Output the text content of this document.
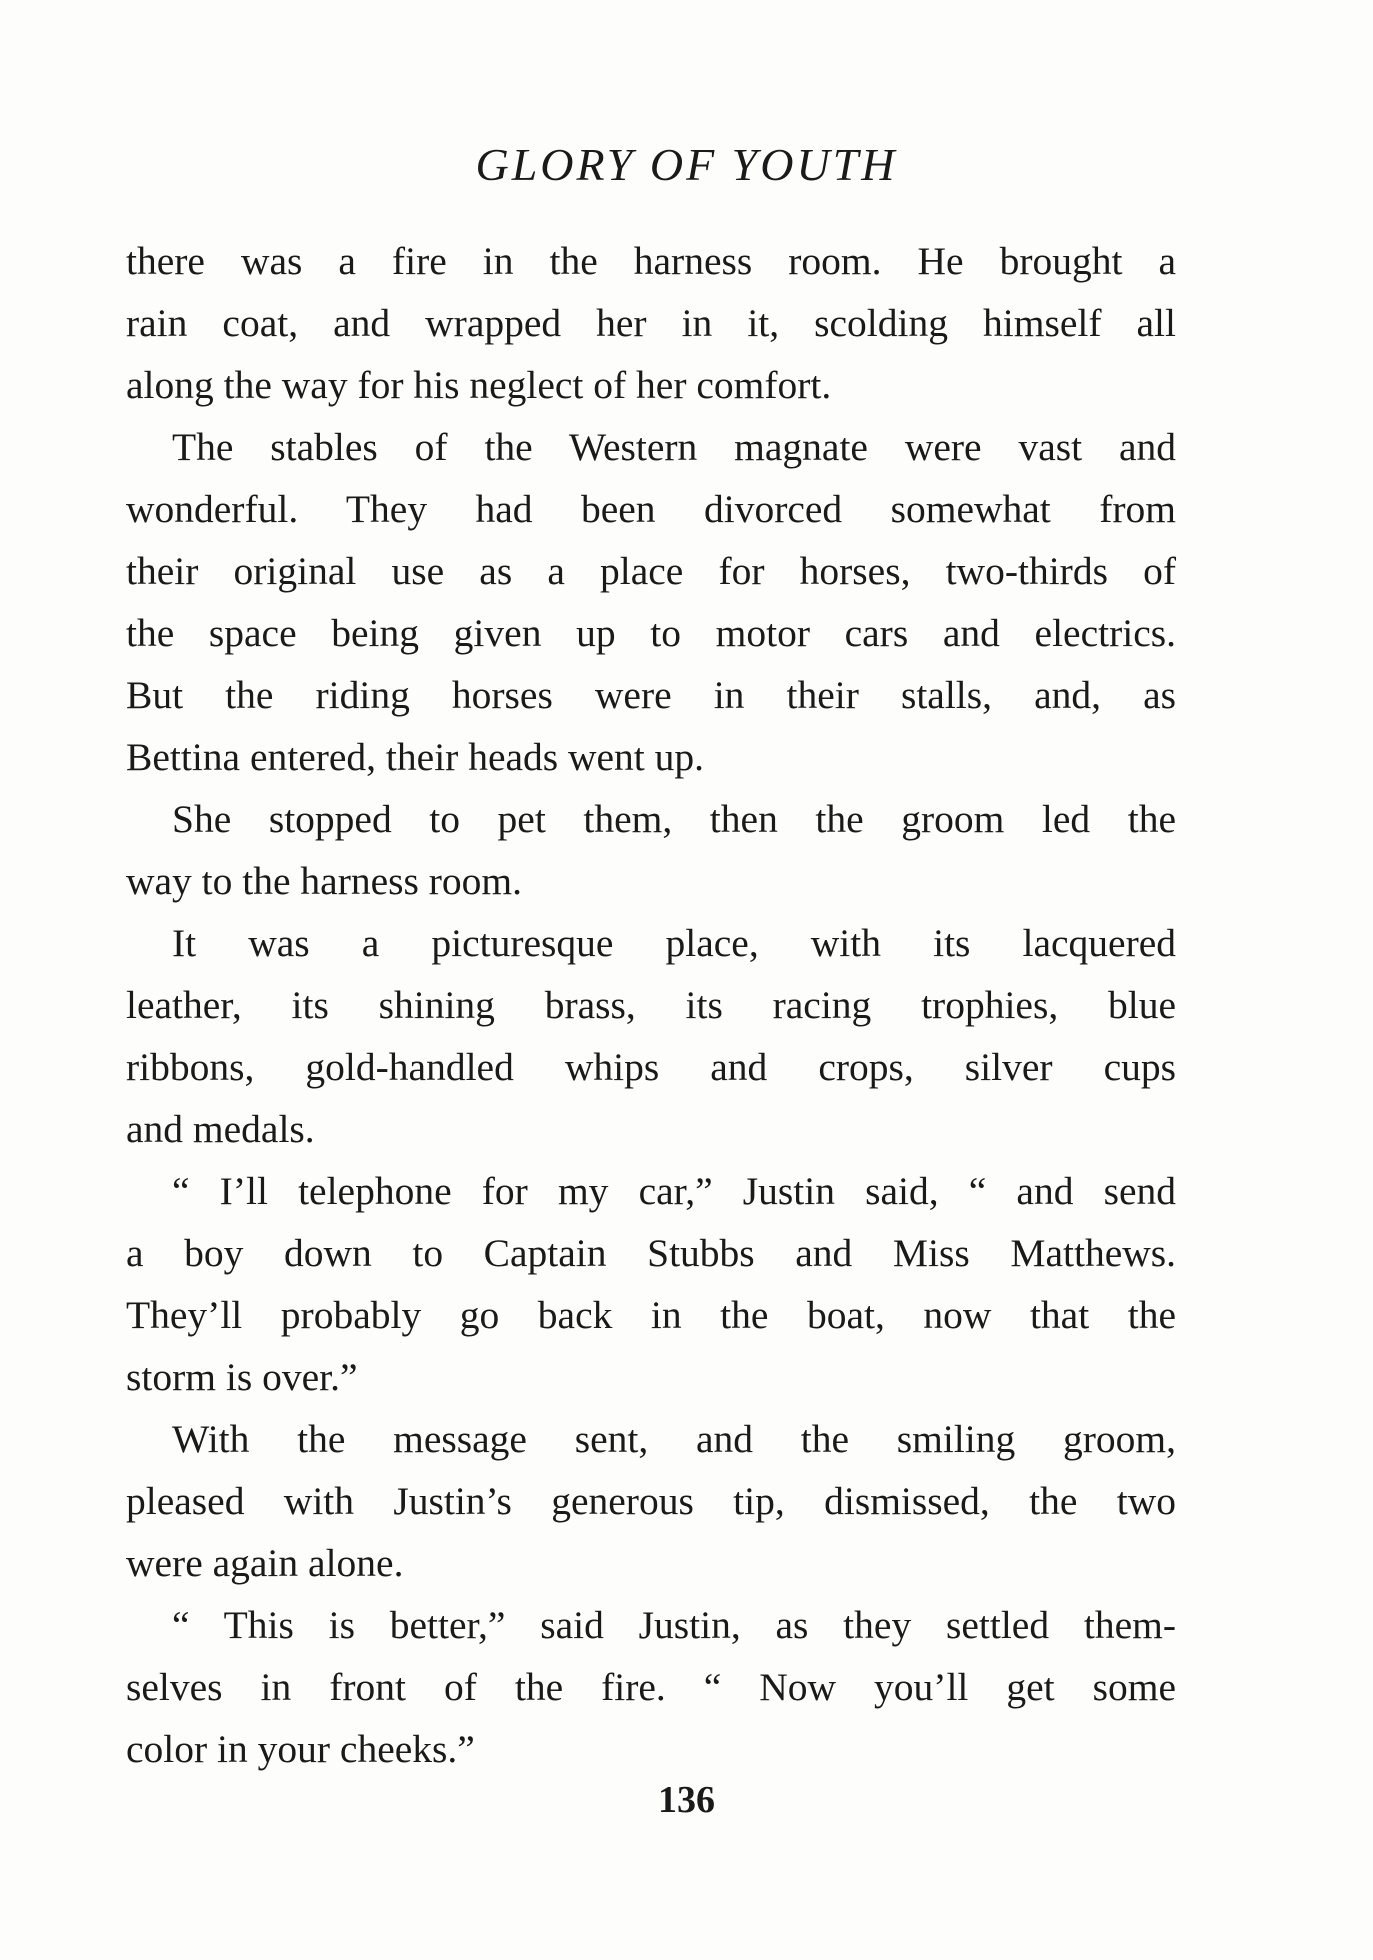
GLORY OF YOUTH

there was a fire in the harness room. He brought a

rain coat, and wrapped her in it, scolding himself all

along the way for his neglect of her comfort.

The stables of the Western magnate were vast and

wonderful. They had been divorced somewhat from

their original use as a place for horses, two-thirds of

the space being given up to motor cars and electrics.

But the riding horses were in their stalls, and, as

Bettina entered, their heads went up.

She stopped to pet them, then the groom led the

way to the harness room.

It was a picturesque place, with its lacquered

leather, its shining brass, its racing trophies, blue

ribbons, gold-handled whips and crops, silver cups

and medals.

“ I’ll telephone for my car,” Justin said, “ and send

a boy down to Captain Stubbs and Miss Matthews.

They’ll probably go back in the boat, now that the

storm is over.”

With the message sent, and the smiling groom,

pleased with Justin’s generous tip, dismissed, the two

were again alone.

“ This is better,” said Justin, as they settled them-

selves in front of the fire. “ Now you’ll get some

color in your cheeks.”

136
